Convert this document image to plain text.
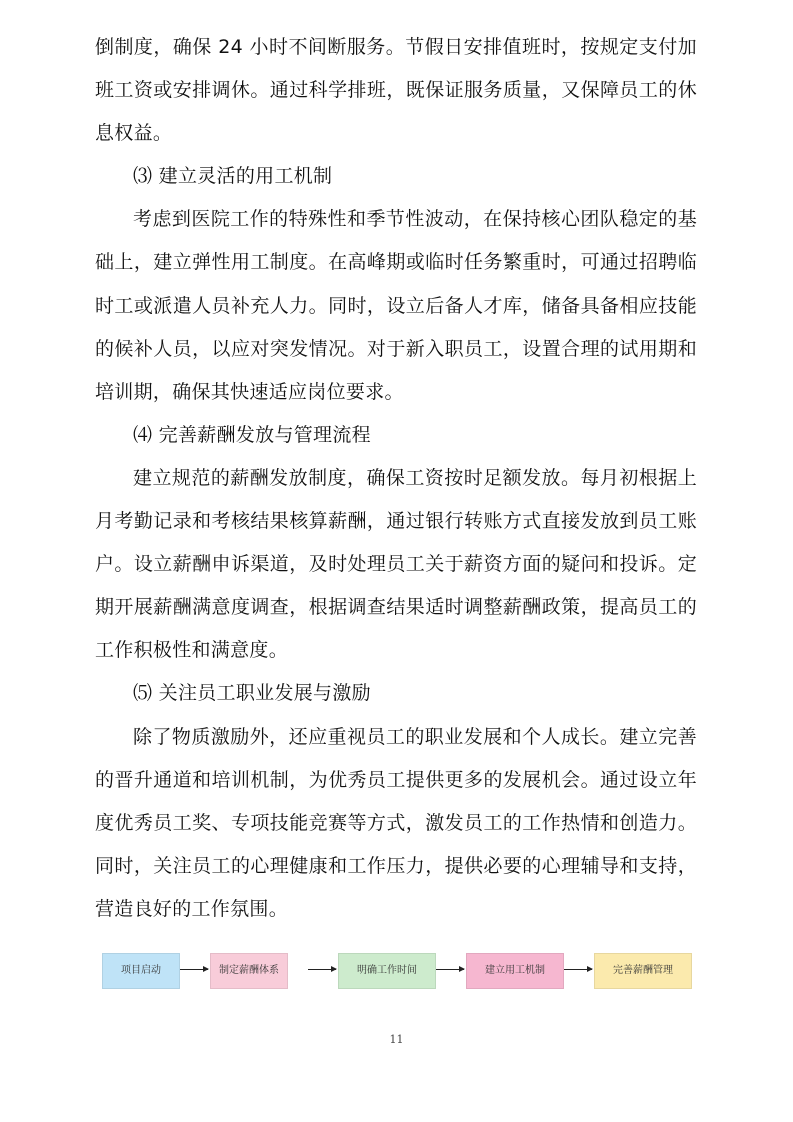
倒制度，确保 24 小时不间断服务。节假日安排值班时，按规定支付加班工资或安排调休。通过科学排班，既保证服务质量，又保障员工的休息权益。

⑶ 建立灵活的用工机制

考虑到医院工作的特殊性和季节性波动，在保持核心团队稳定的基础上，建立弹性用工制度。在高峰期或临时任务繁重时，可通过招聘临时工或派遣人员补充人力。同时，设立后备人才库，储备具备相应技能的候补人员，以应对突发情况。对于新入职员工，设置合理的试用期和培训期，确保其快速适应岗位要求。

⑷ 完善薪酬发放与管理流程

建立规范的薪酬发放制度，确保工资按时足额发放。每月初根据上月考勤记录和考核结果核算薪酬，通过银行转账方式直接发放到员工账户。设立薪酬申诉渠道，及时处理员工关于薪资方面的疑问和投诉。定期开展薪酬满意度调查，根据调查结果适时调整薪酬政策，提高员工的工作积极性和满意度。

⑸ 关注员工职业发展与激励

除了物质激励外，还应重视员工的职业发展和个人成长。建立完善的晋升通道和培训机制，为优秀员工提供更多的发展机会。通过设立年度优秀员工奖、专项技能竞赛等方式，激发员工的工作热情和创造力。同时，关注员工的心理健康和工作压力，提供必要的心理辅导和支持，营造良好的工作氛围。

项目启动	制定薪酬体系	明确工作时间	建立用工机制	完善薪酬管理
11
